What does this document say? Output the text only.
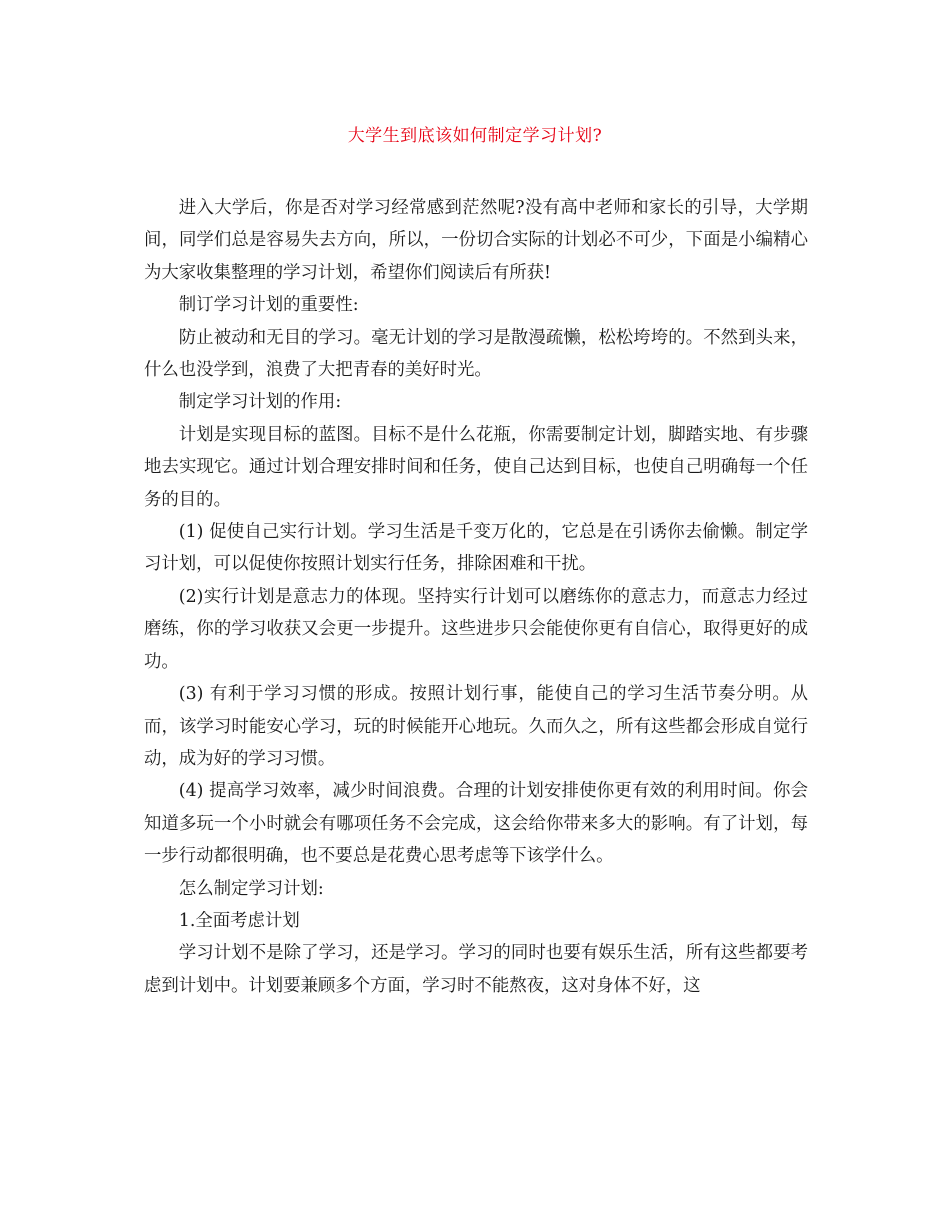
大学生到底该如何制定学习计划?

进入大学后，你是否对学习经常感到茫然呢?没有高中老师和家长的引导，大学期间，同学们总是容易失去方向，所以，一份切合实际的计划必不可少，下面是小编精心为大家收集整理的学习计划，希望你们阅读后有所获!

制订学习计划的重要性:

防止被动和无目的学习。毫无计划的学习是散漫疏懒，松松垮垮的。不然到头来，什么也没学到，浪费了大把青春的美好时光。

制定学习计划的作用:

计划是实现目标的蓝图。目标不是什么花瓶，你需要制定计划，脚踏实地、有步骤地去实现它。通过计划合理安排时间和任务，使自己达到目标，也使自己明确每一个任务的目的。

(1) 促使自己实行计划。学习生活是千变万化的，它总是在引诱你去偷懒。制定学习计划，可以促使你按照计划实行任务，排除困难和干扰。

(2)实行计划是意志力的体现。坚持实行计划可以磨练你的意志力，而意志力经过磨练，你的学习收获又会更一步提升。这些进步只会能使你更有自信心，取得更好的成功。

(3) 有利于学习习惯的形成。按照计划行事，能使自己的学习生活节奏分明。从而，该学习时能安心学习，玩的时候能开心地玩。久而久之，所有这些都会形成自觉行动，成为好的学习习惯。

(4) 提高学习效率，减少时间浪费。合理的计划安排使你更有效的利用时间。你会知道多玩一个小时就会有哪项任务不会完成，这会给你带来多大的影响。有了计划，每一步行动都很明确，也不要总是花费心思考虑等下该学什么。

怎么制定学习计划:

1.全面考虑计划

学习计划不是除了学习，还是学习。学习的同时也要有娱乐生活，所有这些都要考虑到计划中。计划要兼顾多个方面，学习时不能熬夜，这对身体不好，这
